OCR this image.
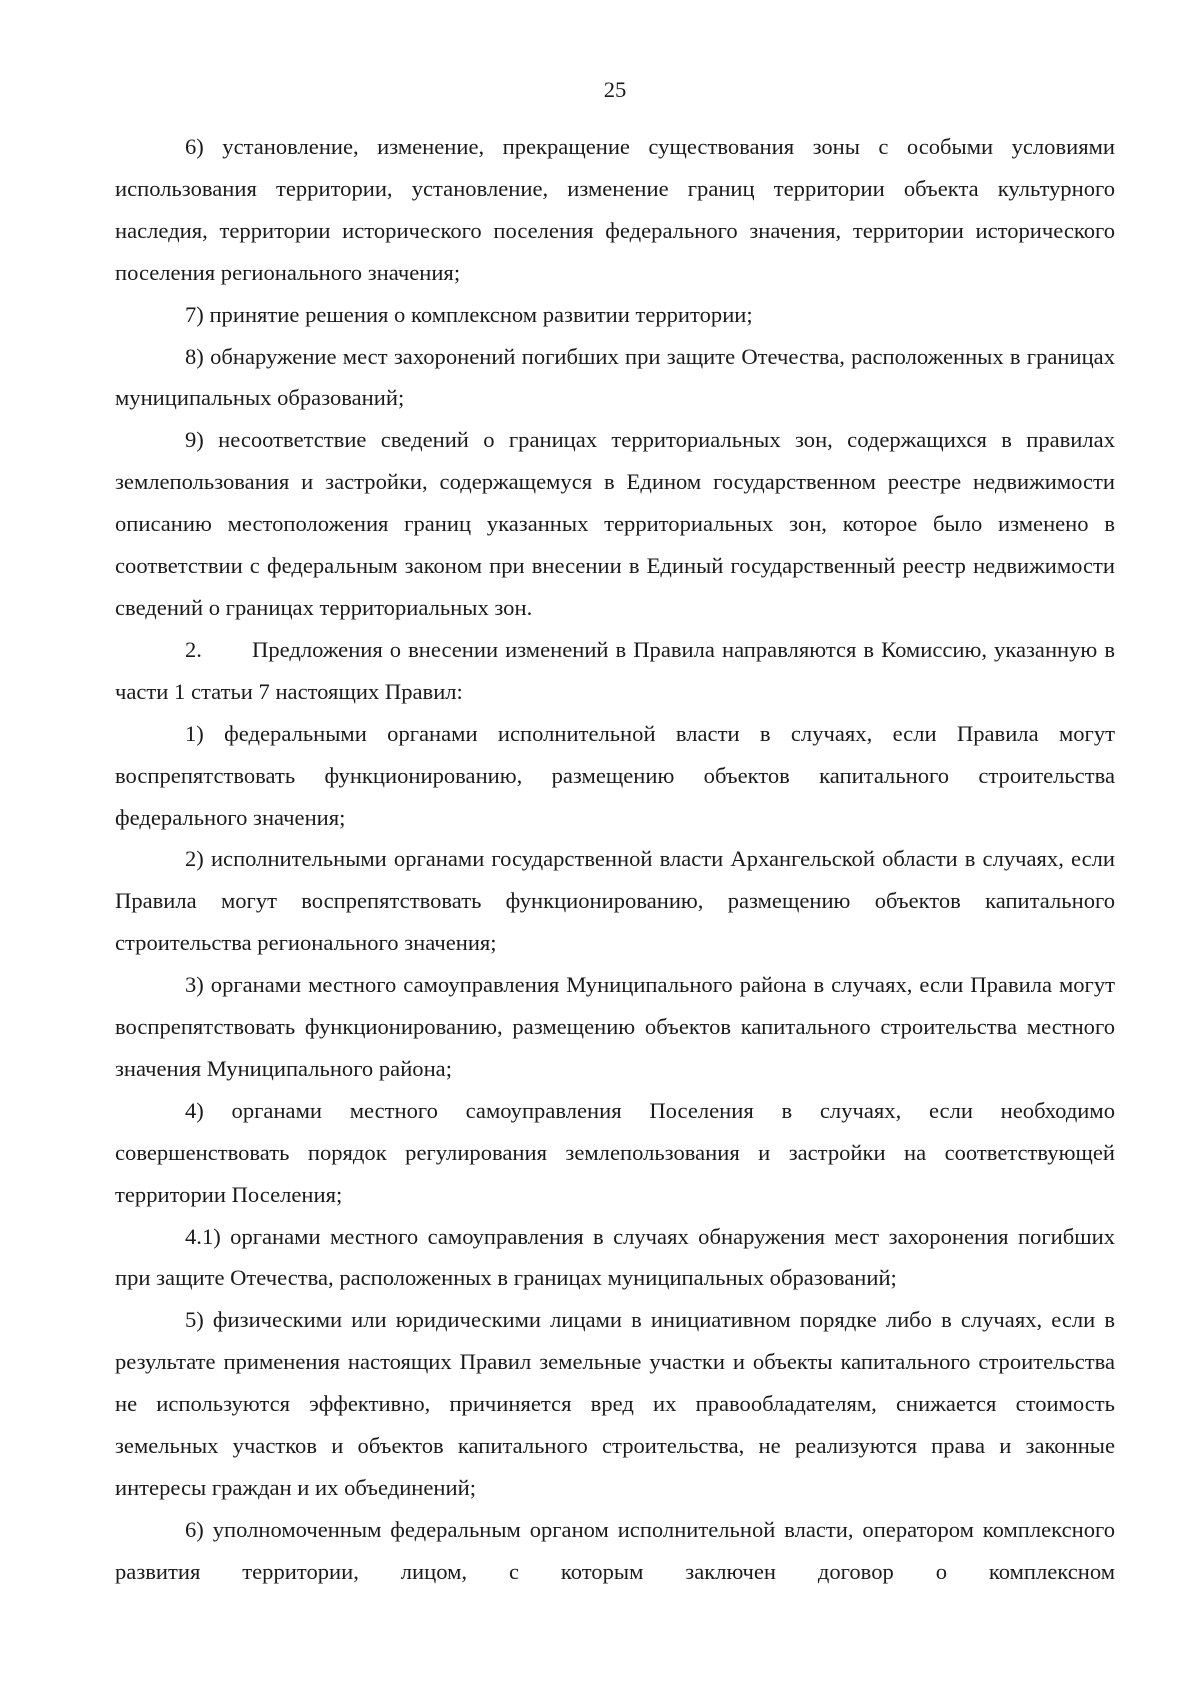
25

6) установление, изменение, прекращение существования зоны с особыми условиями использования территории, установление, изменение границ территории объекта культурного наследия, территории исторического поселения федерального значения, территории исторического поселения регионального значения;

7) принятие решения о комплексном развитии территории;

8) обнаружение мест захоронений погибших при защите Отечества, расположенных в границах муниципальных образований;

9) несоответствие сведений о границах территориальных зон, содержащихся в правилах землепользования и застройки, содержащемуся в Едином государственном реестре недвижимости описанию местоположения границ указанных территориальных зон, которое было изменено в соответствии с федеральным законом при внесении в Единый государственный реестр недвижимости сведений о границах территориальных зон.

2. Предложения о внесении изменений в Правила направляются в Комиссию, указанную в части 1 статьи 7 настоящих Правил:

1) федеральными органами исполнительной власти в случаях, если Правила могут воспрепятствовать функционированию, размещению объектов капитального строительства федерального значения;

2) исполнительными органами государственной власти Архангельской области в случаях, если Правила могут воспрепятствовать функционированию, размещению объектов капитального строительства регионального значения;

3) органами местного самоуправления Муниципального района в случаях, если Правила могут воспрепятствовать функционированию, размещению объектов капитального строительства местного значения Муниципального района;

4) органами местного самоуправления Поселения в случаях, если необходимо совершенствовать порядок регулирования землепользования и застройки на соответствующей территории Поселения;

4.1) органами местного самоуправления в случаях обнаружения мест захоронения погибших при защите Отечества, расположенных в границах муниципальных образований;

5) физическими или юридическими лицами в инициативном порядке либо в случаях, если в результате применения настоящих Правил земельные участки и объекты капитального строительства не используются эффективно, причиняется вред их правообладателям, снижается стоимость земельных участков и объектов капитального строительства, не реализуются права и законные интересы граждан и их объединений;

6) уполномоченным федеральным органом исполнительной власти, оператором комплексного развития территории, лицом, с которым заключен договор о комплексном
